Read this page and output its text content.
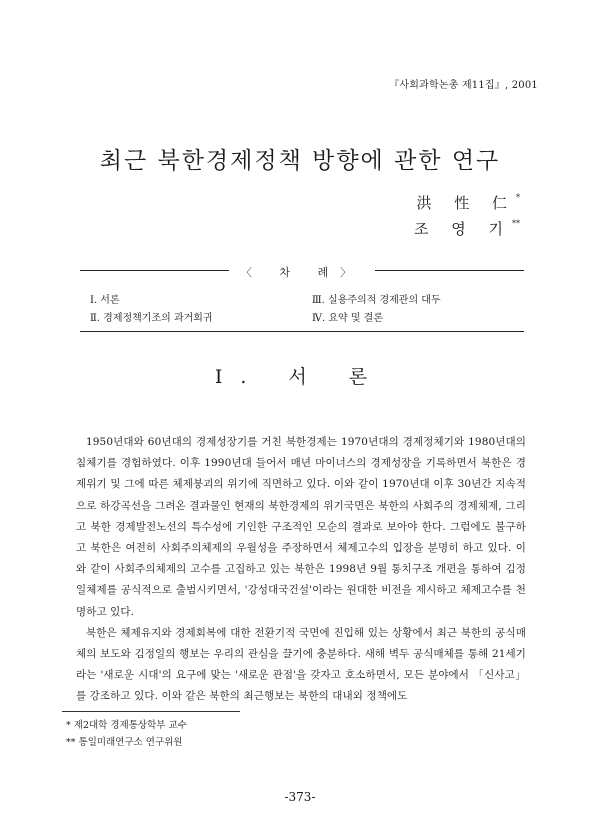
『사회과학논총 제11집』, 2001
최근 북한경제정책 방향에 관한 연구
洪 性 仁*
조 영 기**
〈 차 례〉
Ⅰ. 서론
Ⅱ. 경제정책기조의 과거회귀
Ⅲ. 실용주의적 경제관의 대두
Ⅳ. 요약 및 결론
Ⅰ. 서 론

1950년대와 60년대의 경제성장기를 거친 북한경제는 1970년대의 경제정체기와 1980년대의 침체기를 경험하였다. 이후 1990년대 들어서 매년 마이너스의 경제성장을 기록하면서 북한은 경제위기 및 그에 따른 체제붕괴의 위기에 직면하고 있다. 이와 같이 1970년대 이후 30년간 지속적으로 하강곡선을 그려온 결과물인 현재의 북한경제의 위기국면은 북한의 사회주의 경제체제, 그리고 북한 경제발전노선의 특수성에 기인한 구조적인 모순의 결과로 보아야 한다. 그럼에도 불구하고 북한은 여전히 사회주의체제의 우월성을 주장하면서 체제고수의 입장을 분명히 하고 있다. 이와 같이 사회주의체제의 고수를 고집하고 있는 북한은 1998년 9월 통치구조 개편을 통하여 김정일체제를 공식적으로 출범시키면서, '강성대국건설'이라는 원대한 비전을 제시하고 체제고수를 천명하고 있다.

북한은 체제유지와 경제회복에 대한 전환기적 국면에 진입해 있는 상황에서 최근 북한의 공식매체의 보도와 김정일의 행보는 우리의 관심을 끌기에 충분하다. 새해 벽두 공식매체를 통해 21세기라는 '새로운 시대'의 요구에 맞는 '새로운 관점'을 갖자고 호소하면서, 모든 분야에서 「신사고」를 강조하고 있다. 이와 같은 북한의 최근행보는 북한의 대내외 정책에도

* 제2대학 경제통상학부 교수
** 통일미래연구소 연구위원
-373-
